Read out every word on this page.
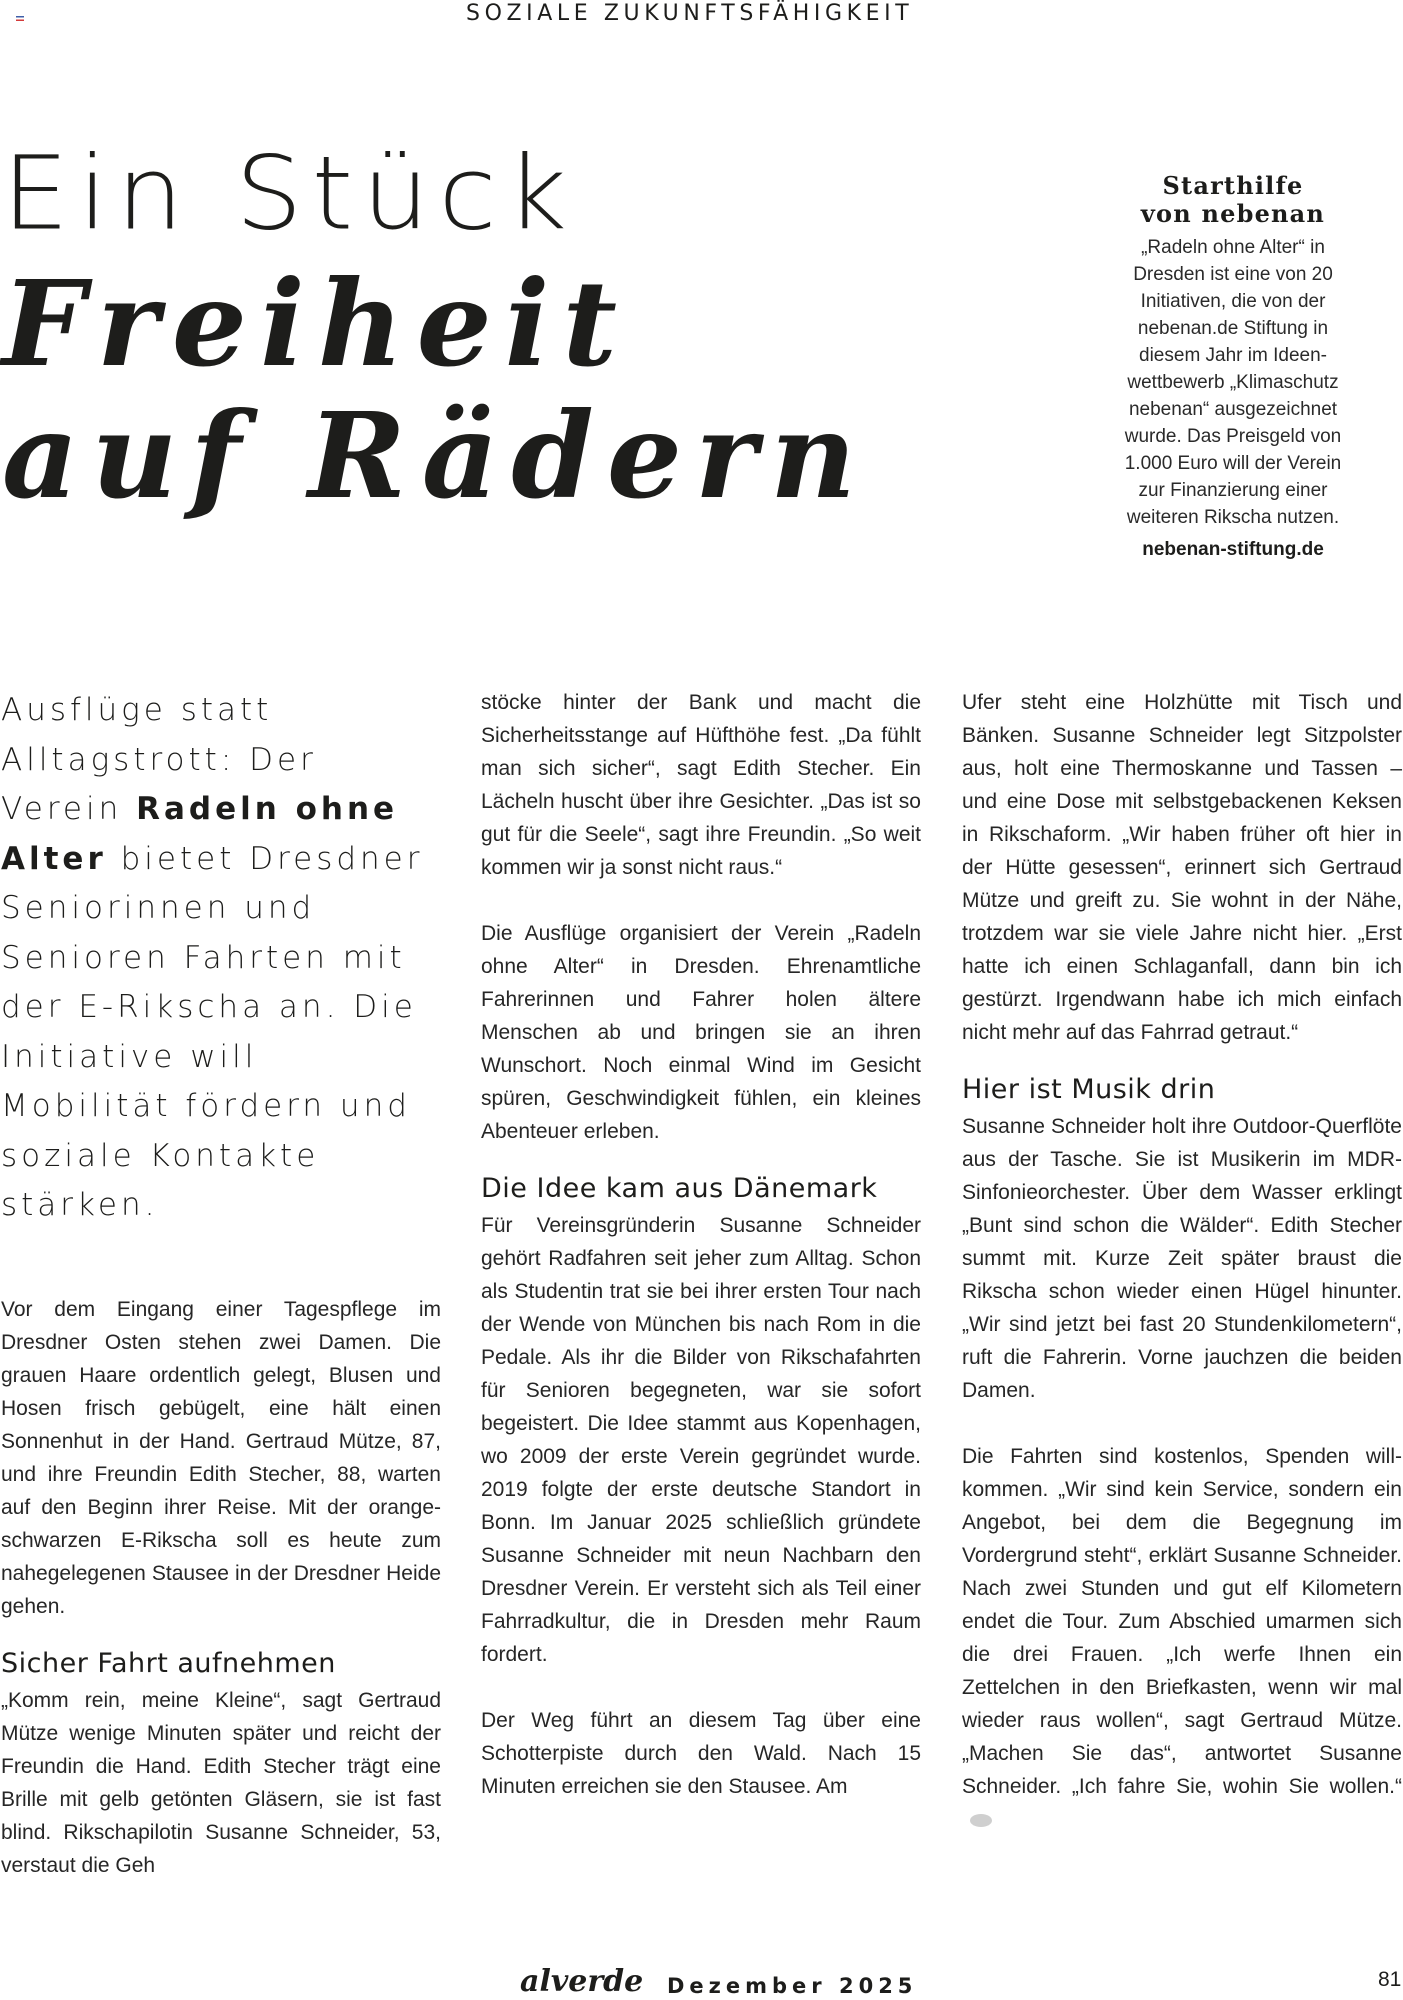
SOZIALE ZUKUNFTSFÄHIGKEIT
Ein Stück
Freiheit
auf Rädern
Starthilfe
von nebenan
„Radeln ohne Alter“ in
Dresden ist eine von 20
Initiativen, die von der
nebenan.de Stiftung in
diesem Jahr im Ideen-
wettbewerb „Klimaschutz
nebenan“ ausgezeichnet
wurde. Das Preisgeld von
1.000 Euro will der Verein
zur Finanzierung einer
weiteren Rikscha nutzen.
nebenan-stiftung.de

Ausflüge statt Alltagstrott: Der Verein Radeln ohne Alter bietet Dresdner Seniorinnen und Senioren Fahrten mit der E-Rikscha an. Die Initiative will Mobilität fördern und soziale Kontakte stärken.

Vor dem Eingang einer Tagespflege im Dresdner Osten stehen zwei Damen. Die grauen Haare ordentlich gelegt, Blusen und Hosen frisch gebügelt, eine hält einen Sonnenhut in der Hand. Gertraud Mütze, 87, und ihre Freundin Edith Stecher, 88, warten auf den Beginn ihrer Reise. Mit der orange-schwarzen E-Rikscha soll es heute zum nahegelegenen Stausee in der Dresdner Heide gehen.

Sicher Fahrt aufnehmen

„Komm rein, meine Kleine“, sagt Gertraud Mütze wenige Minuten später und reicht der Freundin die Hand. Edith Stecher trägt eine Brille mit gelb getönten Gläsern, sie ist fast blind. Rikschapilotin Susanne Schneider, 53, verstaut die Geh

stöcke hinter der Bank und macht die Sicherheitsstange auf Hüfthöhe fest. „Da fühlt man sich sicher“, sagt Edith Stecher. Ein Lächeln huscht über ihre Gesichter. „Das ist so gut für die Seele“, sagt ihre Freundin. „So weit kommen wir ja sonst nicht raus.“

Die Ausflüge organisiert der Verein „Radeln ohne Alter“ in Dresden. Ehrenamtliche Fahrerinnen und Fahrer holen ältere Menschen ab und bringen sie an ihren Wunschort. Noch einmal Wind im Gesicht spüren, Geschwindigkeit fühlen, ein kleines Abenteuer erleben.

Die Idee kam aus Dänemark

Für Vereinsgründerin Susanne Schneider gehört Radfahren seit jeher zum Alltag. Schon als Studentin trat sie bei ihrer ersten Tour nach der Wende von München bis nach Rom in die Pedale. Als ihr die Bilder von Rikschafahrten für Senioren begegneten, war sie sofort begeistert. Die Idee stammt aus Kopenhagen, wo 2009 der erste Verein gegründet wurde. 2019 folgte der erste deutsche Standort in Bonn. Im Januar 2025 schließlich gründete Susanne Schneider mit neun Nachbarn den Dresdner Verein. Er versteht sich als Teil einer Fahrradkultur, die in Dresden mehr Raum fordert.

Der Weg führt an diesem Tag über eine Schotterpiste durch den Wald. Nach 15 Minuten erreichen sie den Stausee. Am

Ufer steht eine Holzhütte mit Tisch und Bänken. Susanne Schneider legt Sitzpolster aus, holt eine Thermoskanne und Tassen – und eine Dose mit selbstgebackenen Keksen in Rikschaform. „Wir haben früher oft hier in der Hütte gesessen“, erinnert sich Gertraud Mütze und greift zu. Sie wohnt in der Nähe, trotzdem war sie viele Jahre nicht hier. „Erst hatte ich einen Schlaganfall, dann bin ich gestürzt. Irgendwann habe ich mich einfach nicht mehr auf das Fahrrad getraut.“

Hier ist Musik drin

Susanne Schneider holt ihre Outdoor-Querflöte aus der Tasche. Sie ist Musikerin im MDR-Sinfonieorchester. Über dem Wasser erklingt „Bunt sind schon die Wälder“. Edith Stecher summt mit. Kurze Zeit später braust die Rikscha schon wieder einen Hügel hinunter. „Wir sind jetzt bei fast 20 Stundenkilometern“, ruft die Fahrerin. Vorne jauchzen die beiden Damen.

Die Fahrten sind kostenlos, Spenden willkommen. „Wir sind kein Service, sondern ein Angebot, bei dem die Begegnung im Vordergrund steht“, erklärt Susanne Schneider. Nach zwei Stunden und gut elf Kilometern endet die Tour. Zum Abschied umarmen sich die drei Frauen. „Ich werfe Ihnen ein Zettelchen in den Briefkasten, wenn wir mal wieder raus wollen“, sagt Gertraud Mütze. „Machen Sie das“, antwortet Susanne Schneider. „Ich fahre Sie, wohin Sie wollen.“

alverde Dezember 2025	81
